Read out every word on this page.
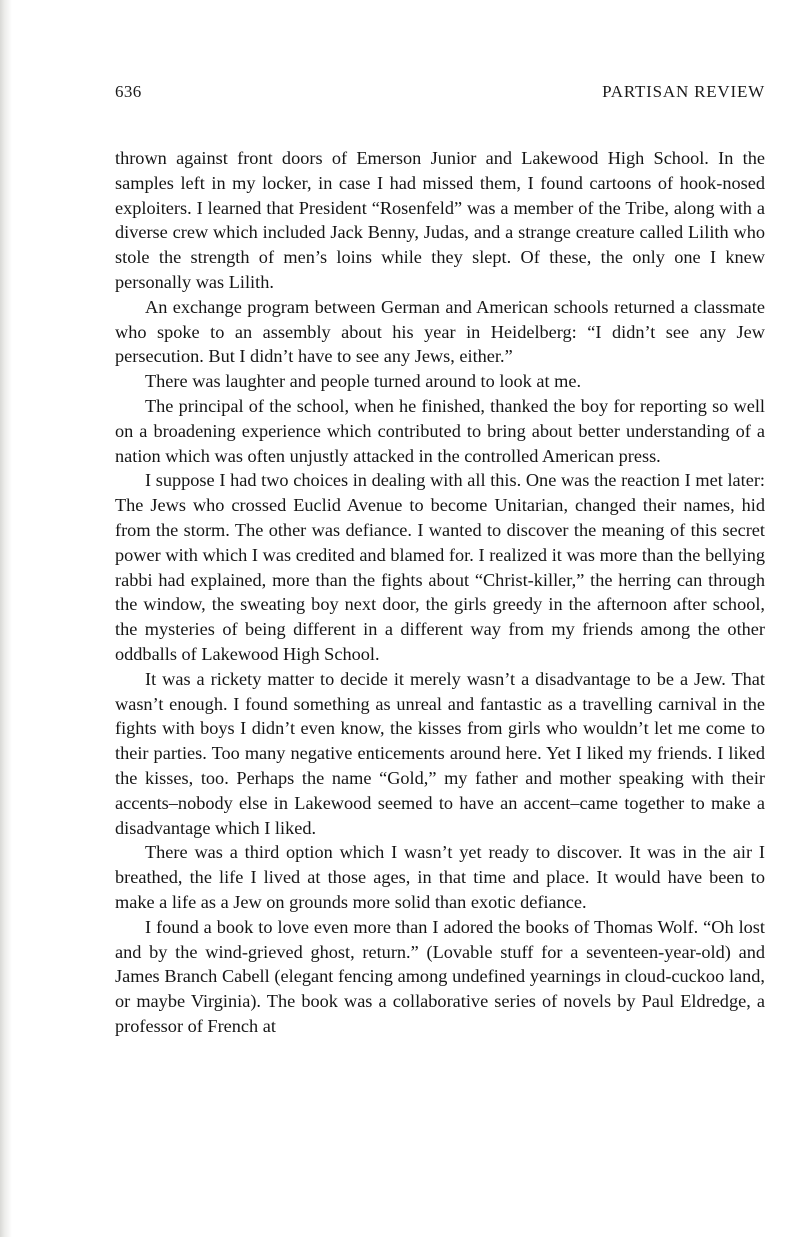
636	PARTISAN REVIEW

thrown against front doors of Emerson Junior and Lakewood High School. In the samples left in my locker, in case I had missed them, I found cartoons of hook-nosed exploiters. I learned that President “Rosenfeld” was a member of the Tribe, along with a diverse crew which included Jack Benny, Judas, and a strange creature called Lilith who stole the strength of men’s loins while they slept. Of these, the only one I knew personally was Lilith.

An exchange program between German and American schools returned a classmate who spoke to an assembly about his year in Heidelberg: “I didn’t see any Jew persecution. But I didn’t have to see any Jews, either.”

There was laughter and people turned around to look at me.

The principal of the school, when he finished, thanked the boy for reporting so well on a broadening experience which contributed to bring about better understanding of a nation which was often unjustly attacked in the controlled American press.

I suppose I had two choices in dealing with all this. One was the reaction I met later: The Jews who crossed Euclid Avenue to become Unitarian, changed their names, hid from the storm. The other was defiance. I wanted to discover the meaning of this secret power with which I was credited and blamed for. I realized it was more than the bellying rabbi had explained, more than the fights about “Christ-killer,” the herring can through the window, the sweating boy next door, the girls greedy in the afternoon after school, the mysteries of being different in a different way from my friends among the other oddballs of Lakewood High School.

It was a rickety matter to decide it merely wasn’t a disadvantage to be a Jew. That wasn’t enough. I found something as unreal and fantastic as a travelling carnival in the fights with boys I didn’t even know, the kisses from girls who wouldn’t let me come to their parties. Too many negative enticements around here. Yet I liked my friends. I liked the kisses, too. Perhaps the name “Gold,” my father and mother speaking with their accents–nobody else in Lakewood seemed to have an accent–came together to make a disadvantage which I liked.

There was a third option which I wasn’t yet ready to discover. It was in the air I breathed, the life I lived at those ages, in that time and place. It would have been to make a life as a Jew on grounds more solid than exotic defiance.

I found a book to love even more than I adored the books of Thomas Wolf. “Oh lost and by the wind-grieved ghost, return.” (Lovable stuff for a seventeen-year-old) and James Branch Cabell (elegant fencing among undefined yearnings in cloud-cuckoo land, or maybe Virginia). The book was a collaborative series of novels by Paul Eldredge, a professor of French at
